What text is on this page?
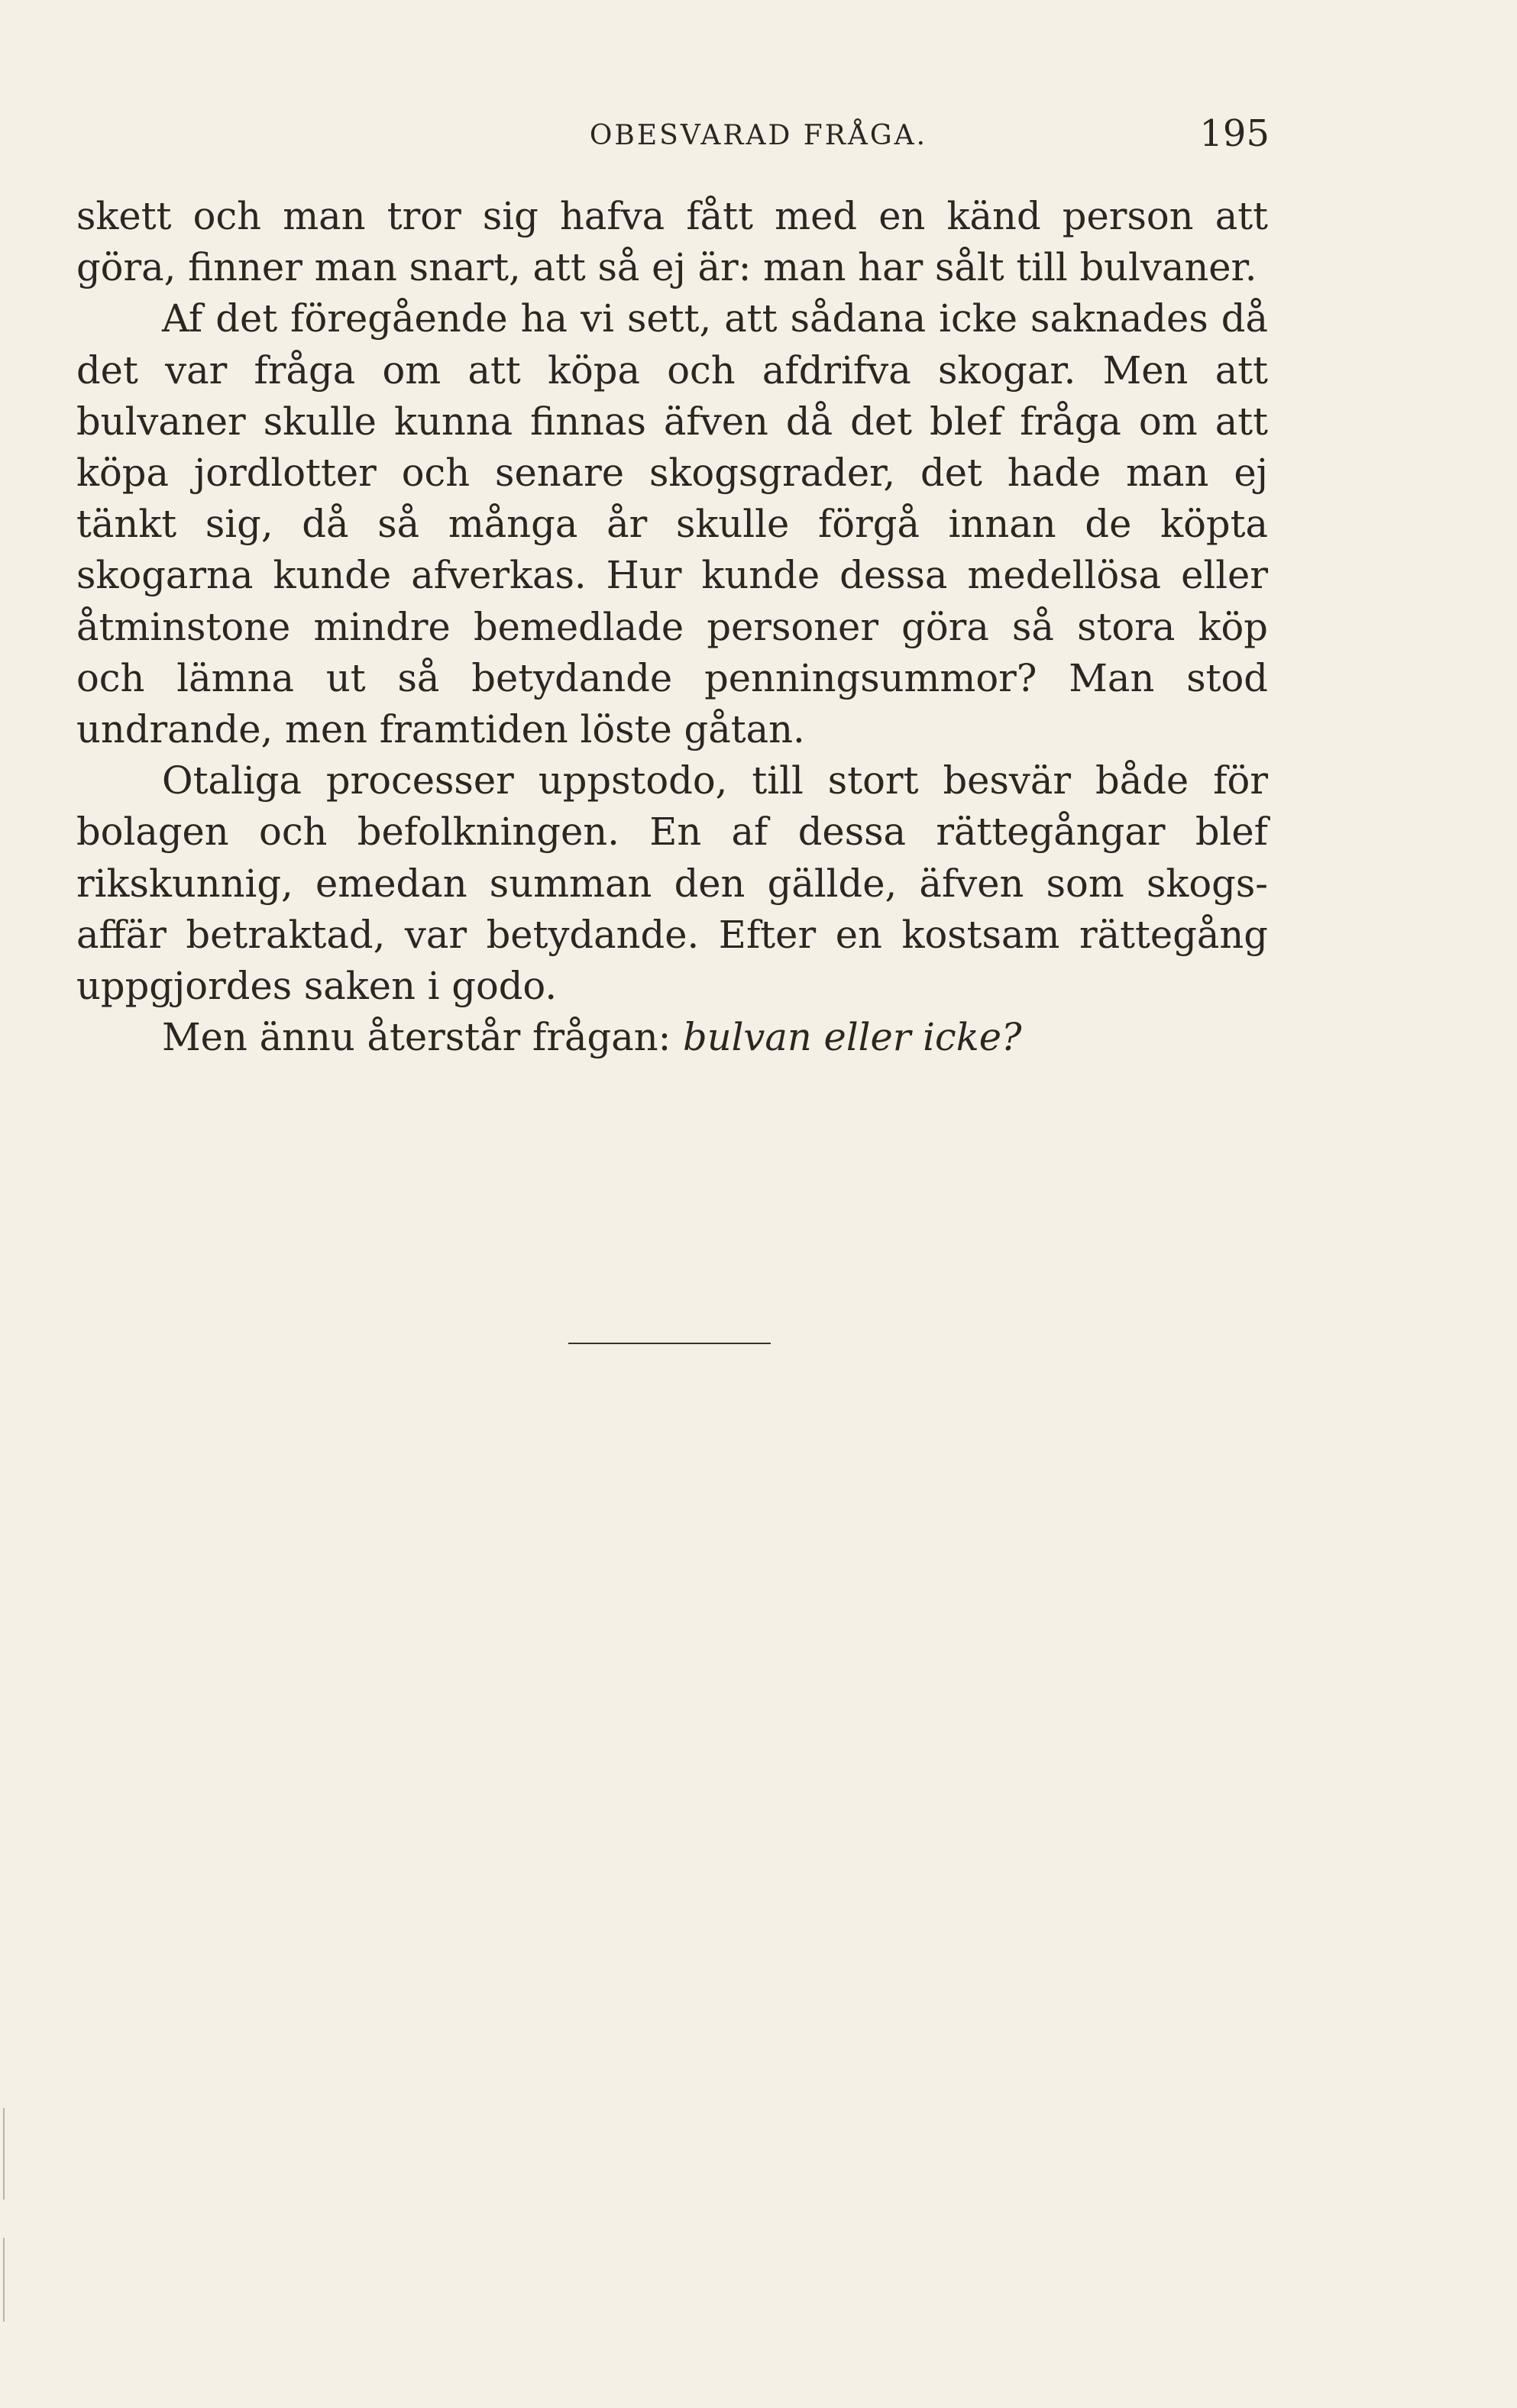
OBESVARAD FRÅGA.	195

skett och man tror sig hafva fått med en känd person att göra, finner man snart, att så ej är: man har sålt till bulvaner.

Af det föregående ha vi sett, att sådana icke saknades då det var fråga om att köpa och afdrifva skogar. Men att bulvaner skulle kunna finnas äfven då det blef fråga om att köpa jordlotter och senare skogsgrader, det hade man ej tänkt sig, då så många år skulle förgå innan de köpta skogarna kunde afverkas. Hur kunde dessa medellösa eller åtminstone mindre bemedlade personer göra så stora köp och lämna ut så betydande penningsummor? Man stod undrande, men framtiden löste gåtan.

Otaliga processer uppstodo, till stort besvär både för bolagen och befolkningen. En af dessa rättegångar blef rikskunnig, emedan summan den gällde, äfven som skogsaffär betraktad, var betydande. Efter en kostsam rättegång uppgjordes saken i godo.

Men ännu återstår frågan: bulvan eller icke?
